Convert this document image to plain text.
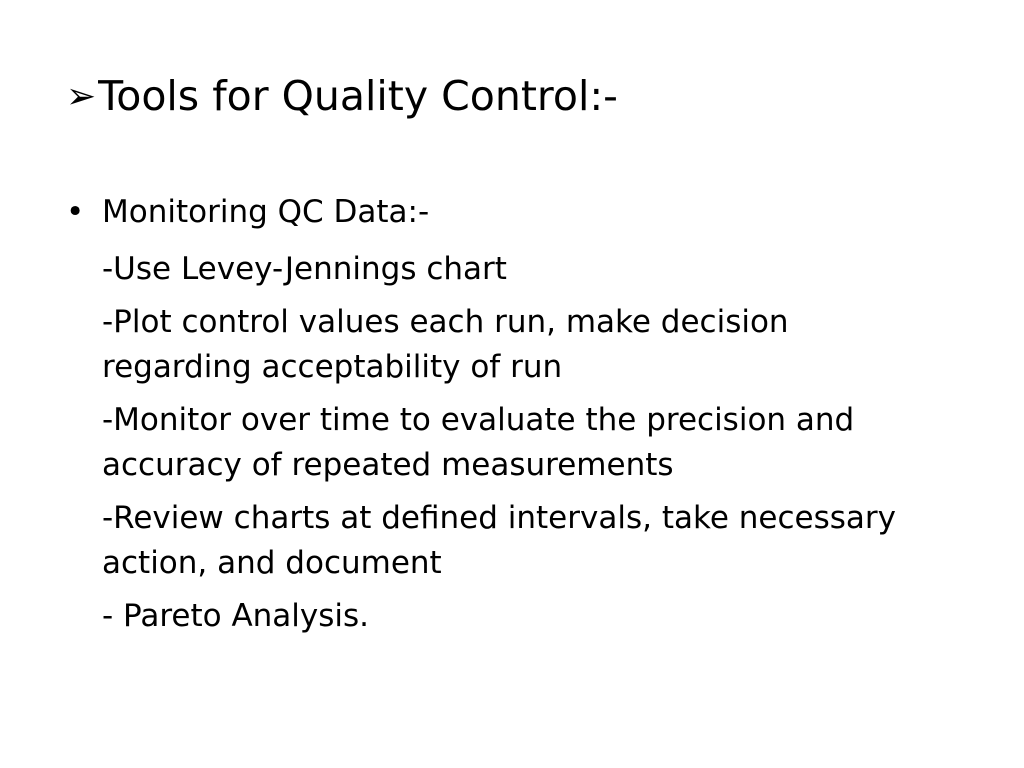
➢Tools for Quality Control:-
• Monitoring QC Data:-
-Use Levey-Jennings chart
-Plot control values each run, make decision regarding acceptability of run
-Monitor over time to evaluate the precision and accuracy of repeated measurements
-Review charts at defined intervals, take necessary action, and document
- Pareto Analysis.
